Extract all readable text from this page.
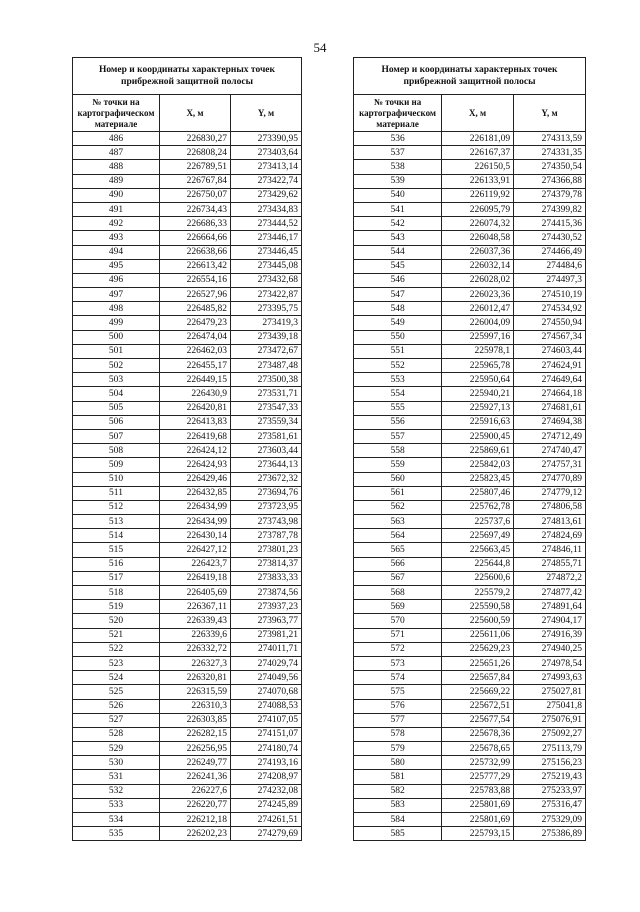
54
Номер и координаты характерных точек прибрежной защитной полосы		
№ точки на картографическом материале	X, м	Y, м
486	226830,27	273390,95
487	226808,24	273403,64
488	226789,51	273413,14
489	226767,84	273422,74
490	226750,07	273429,62
491	226734,43	273434,83
492	226686,33	273444,52
493	226664,66	273446,17
494	226638,66	273446,45
495	226613,42	273445,08
496	226554,16	273432,68
497	226527,96	273422,87
498	226485,82	273395,75
499	226479,23	273419,3
500	226474,04	273439,18
501	226462,03	273472,67
502	226455,17	273487,48
503	226449,15	273500,38
504	226430,9	273531,71
505	226420,81	273547,33
506	226413,83	273559,34
507	226419,68	273581,61
508	226424,12	273603,44
509	226424,93	273644,13
510	226429,46	273672,32
511	226432,85	273694,76
512	226434,99	273723,95
513	226434,99	273743,98
514	226430,14	273787,78
515	226427,12	273801,23
516	226423,7	273814,37
517	226419,18	273833,33
518	226405,69	273874,56
519	226367,11	273937,23
520	226339,43	273963,77
521	226339,6	273981,21
522	226332,72	274011,71
523	226327,3	274029,74
524	226320,81	274049,56
525	226315,59	274070,68
526	226310,3	274088,53
527	226303,85	274107,05
528	226282,15	274151,07
529	226256,95	274180,74
530	226249,77	274193,16
531	226241,36	274208,97
532	226227,6	274232,08
533	226220,77	274245,89
534	226212,18	274261,51
535	226202,23	274279,69
Номер и координаты характерных точек прибрежной защитной полосы		
№ точки на картографическом материале	X, м	Y, м
536	226181,09	274313,59
537	226167,37	274331,35
538	226150,5	274350,54
539	226133,91	274366,88
540	226119,92	274379,78
541	226095,79	274399,82
542	226074,32	274415,36
543	226048,58	274430,52
544	226037,36	274466,49
545	226032,14	274484,6
546	226028,02	274497,3
547	226023,36	274510,19
548	226012,47	274534,92
549	226004,09	274550,94
550	225997,16	274567,34
551	225978,1	274603,44
552	225965,78	274624,91
553	225950,64	274649,64
554	225940,21	274664,18
555	225927,13	274681,61
556	225916,63	274694,38
557	225900,45	274712,49
558	225869,61	274740,47
559	225842,03	274757,31
560	225823,45	274770,89
561	225807,46	274779,12
562	225762,78	274806,58
563	225737,6	274813,61
564	225697,49	274824,69
565	225663,45	274846,11
566	225644,8	274855,71
567	225600,6	274872,2
568	225579,2	274877,42
569	225590,58	274891,64
570	225600,59	274904,17
571	225611,06	274916,39
572	225629,23	274940,25
573	225651,26	274978,54
574	225657,84	274993,63
575	225669,22	275027,81
576	225672,51	275041,8
577	225677,54	275076,91
578	225678,36	275092,27
579	225678,65	275113,79
580	225732,99	275156,23
581	225777,29	275219,43
582	225783,88	275233,97
583	225801,69	275316,47
584	225801,69	275329,09
585	225793,15	275386,89
